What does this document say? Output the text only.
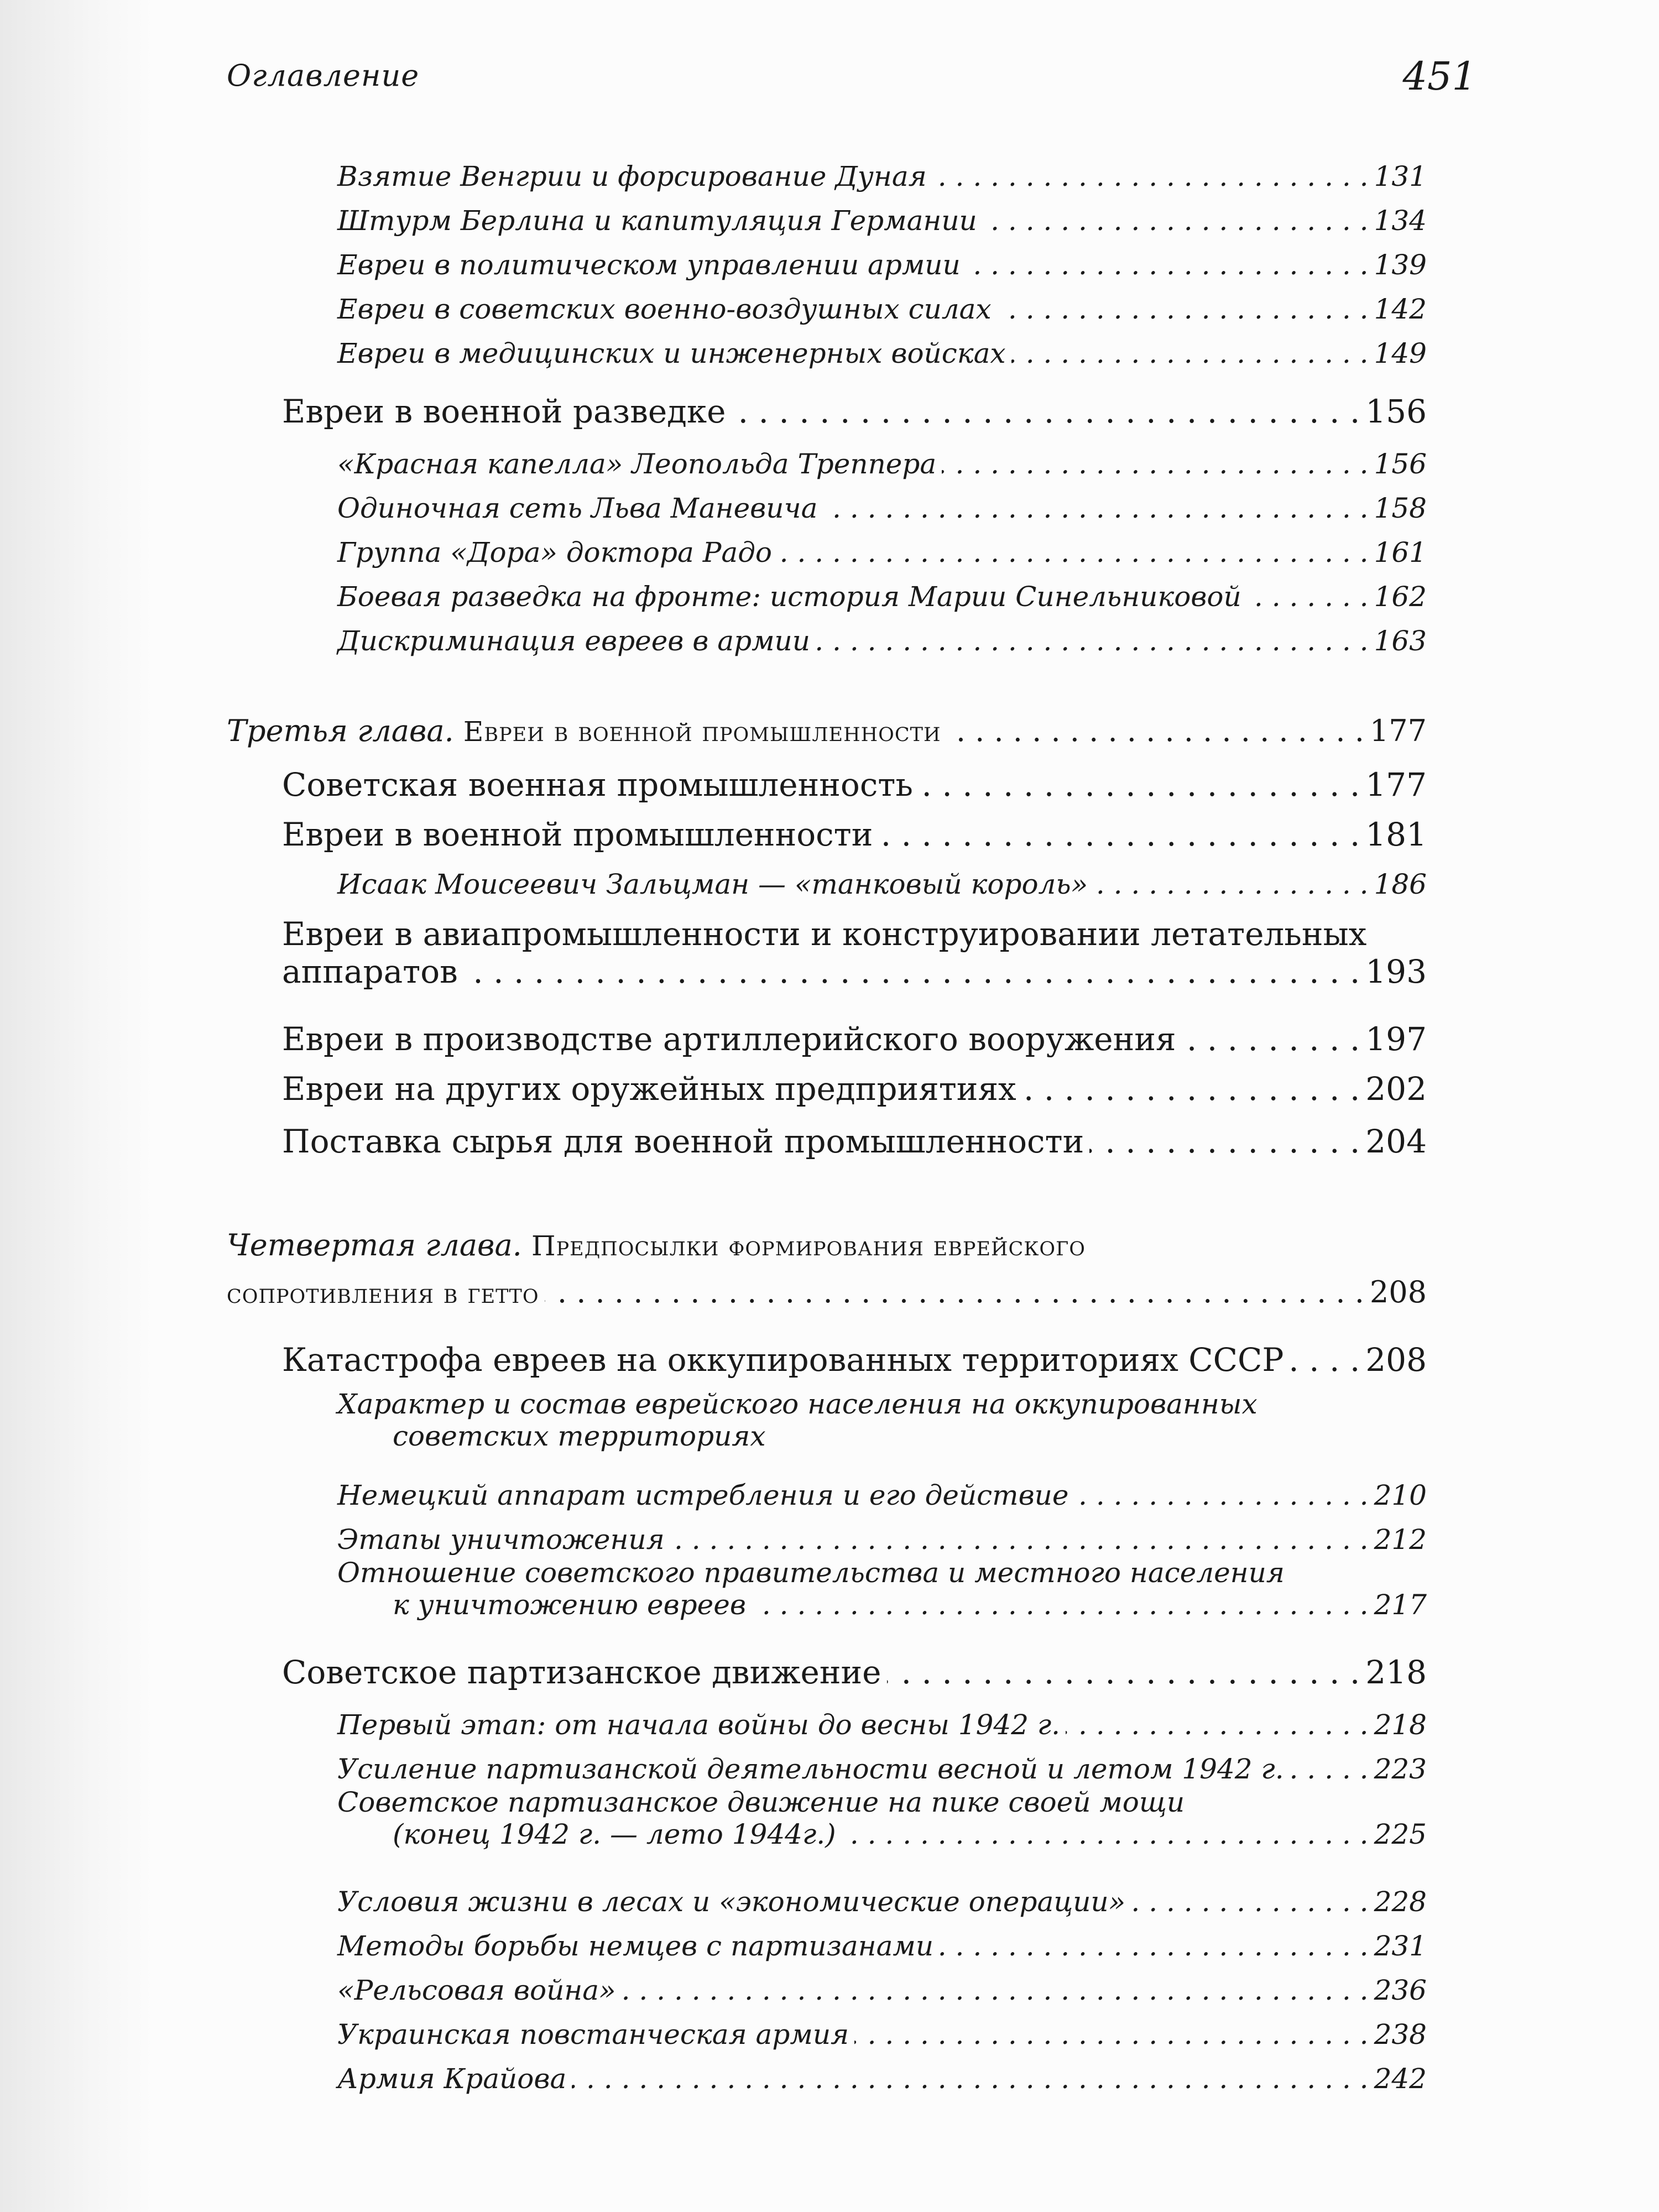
Оглавление	451
Взятие Венгрии и форсирование Дуная . . .	131
Штурм Берлина и капитуляция Германии . . .	134
Евреи в политическом управлении армии . . .	139
Евреи в советских военно-воздушных силах . . .	142
Евреи в медицинских и инженерных войсках . . .	149
Евреи в военной разведке . . .	156
«Красная капелла» Леопольда Треппера . . .	156
Одиночная сеть Льва Маневича . . .	158
Группа «Дора» доктора Радо . . .	161
Боевая разведка на фронте: история Марии Синельниковой . . .	162
Дискриминация евреев в армии . . .	163
Третья глава. Евреи в военной промышленности . . .	177
Советская военная промышленность . . .	177
Евреи в военной промышленности . . .	181
Исаак Моисеевич Зальцман — «танковый король» . . .	186
Евреи в авиапромышленности и конструировании летательных
аппаратов . . .	193
Евреи в производстве артиллерийского вооружения . . .	197
Евреи на других оружейных предприятиях . . .	202
Поставка сырья для военной промышленности . . .	204
Четвертая глава. Предпосылки формирования еврейского
сопротивления в гетто . . .	208
Катастрофа евреев на оккупированных территориях СССР . . .	208
Характер и состав еврейского населения на оккупированных
советских территориях
Немецкий аппарат истребления и его действие . . .	210
Этапы уничтожения . . .	212
Отношение советского правительства и местного населения
к уничтожению евреев . . .	217
Советское партизанское движение . . .	218
Первый этап: от начала войны до весны 1942 г. . . .	218
Усиление партизанской деятельности весной и летом 1942 г. . . .	223
Советское партизанское движение на пике своей мощи
(конец 1942 г. — лето 1944г.) . . .	225
Условия жизни в лесах и «экономические операции» . . .	228
Методы борьбы немцев с партизанами . . .	231
«Рельсовая война» . . .	236
Украинская повстанческая армия . . .	238
Армия Крайова . . .	242
